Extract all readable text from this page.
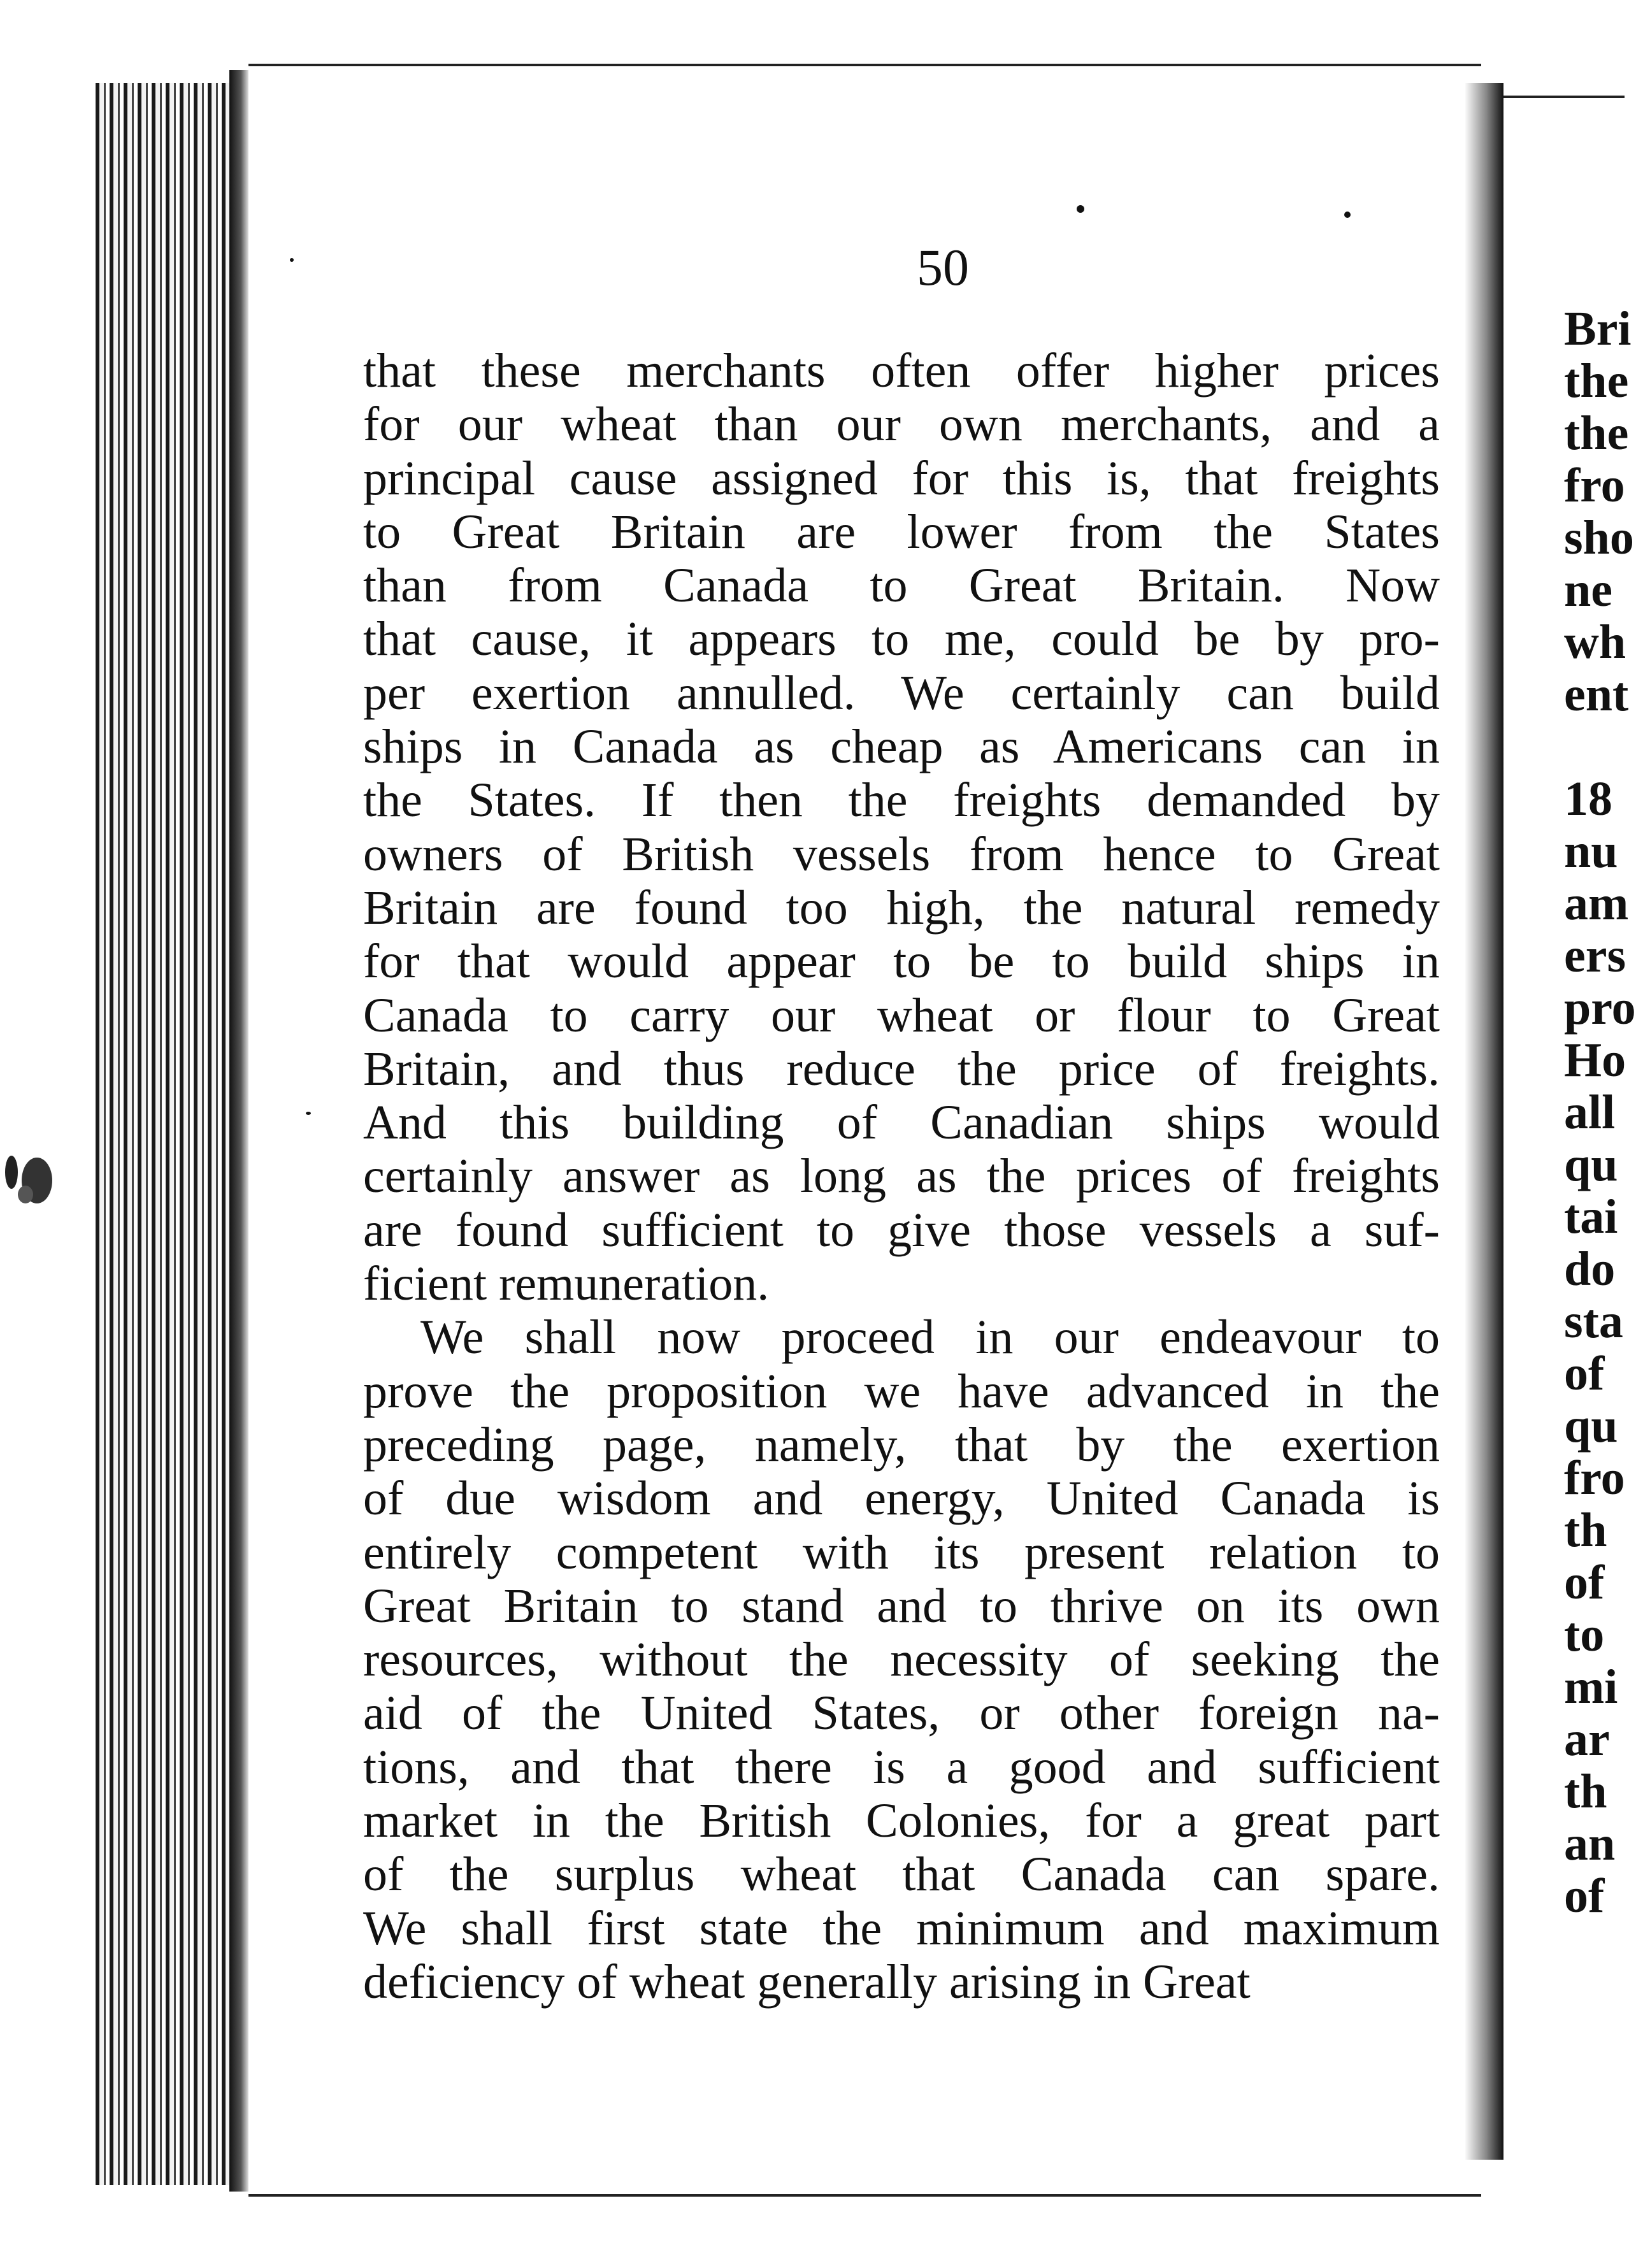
50
that these merchants often offer higher prices
for our wheat than our own merchants, and a
principal cause assigned for this is, that freights
to Great Britain are lower from the States
than from Canada to Great Britain. Now
that cause, it appears to me, could be by pro-
per exertion annulled. We certainly can build
ships in Canada as cheap as Americans can in
the States. If then the freights demanded by
owners of British vessels from hence to Great
Britain are found too high, the natural remedy
for that would appear to be to build ships in
Canada to carry our wheat or flour to Great
Britain, and thus reduce the price of freights.
And this building of Canadian ships would
certainly answer as long as the prices of freights
are found sufficient to give those vessels a suf-
ficient remuneration.
We shall now proceed in our endeavour to
prove the proposition we have advanced in the
preceding page, namely, that by the exertion
of due wisdom and energy, United Canada is
entirely competent with its present relation to
Great Britain to stand and to thrive on its own
resources, without the necessity of seeking the
aid of the United States, or other foreign na-
tions, and that there is a good and sufficient
market in the British Colonies, for a great part
of the surplus wheat that Canada can spare.
We shall first state the minimum and maximum
deficiency of wheat generally arising in Great
Bri
the
the
fro
sho
ne
wh
ent
18
nu
am
ers
pro
Ho
all
qu
tai
do
sta
of
qu
fro
th
of
to
mi
ar
th
an
of
